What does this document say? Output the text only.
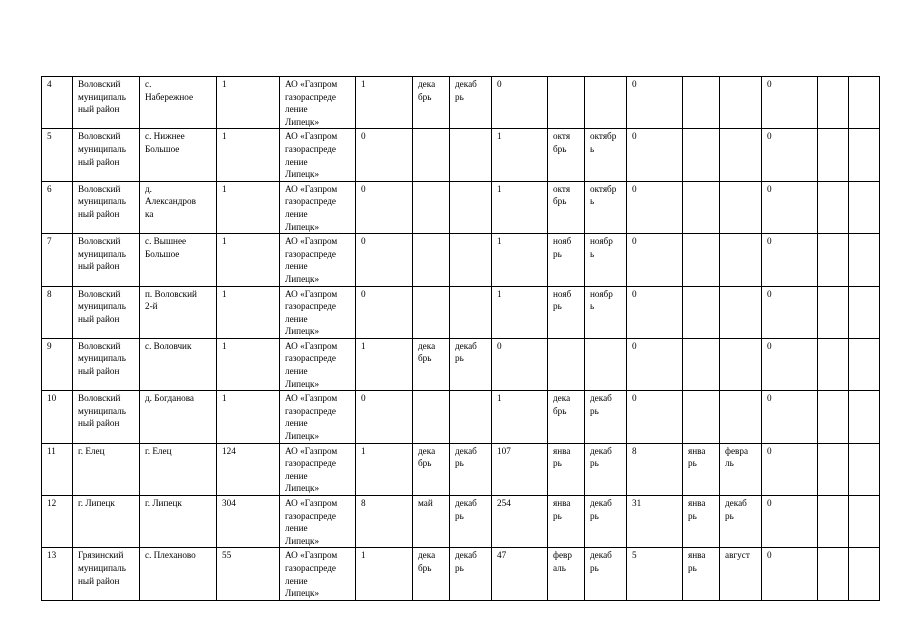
4	Воловский
муниципаль
ный район	с.
Набережное	1	АО «Газпром
газораспреде
ление
Липецк»	1	дека
брь	декаб
рь	0			0			0		

5	Воловский
муниципаль
ный район	с. Нижнее
Большое	1	АО «Газпром
газораспреде
ление
Липецк»	0			1	октя
брь	октябр
ь	0			0		

6	Воловский
муниципаль
ный район	д.
Александров
ка	1	АО «Газпром
газораспреде
ление
Липецк»	0			1	октя
брь	октябр
ь	0			0		

7	Воловский
муниципаль
ный район	с. Вышнее
Большое	1	АО «Газпром
газораспреде
ление
Липецк»	0			1	нояб
рь	ноябр
ь	0			0		

8	Воловский
муниципаль
ный район	п. Воловский
2-й	1	АО «Газпром
газораспреде
ление
Липецк»	0			1	нояб
рь	ноябр
ь	0			0		

9	Воловский
муниципаль
ный район	с. Воловчик	1	АО «Газпром
газораспреде
ление
Липецк»	1	дека
брь	декаб
рь	0			0			0		

10	Воловский
муниципаль
ный район	д. Богданова	1	АО «Газпром
газораспреде
ление
Липецк»	0			1	дека
брь	декаб
рь	0			0		

11	г. Елец	г. Елец	124	АО «Газпром
газораспреде
ление
Липецк»	1	дека
брь	декаб
рь	107	янва
рь	декаб
рь	8	янва
рь	февра
ль	0		

12	г. Липецк	г. Липецк	304	АО «Газпром
газораспреде
ление
Липецк»	8	май	декаб
рь	254	янва
рь	декаб
рь	31	янва
рь	декаб
рь	0		

13	Грязинский
муниципаль
ный район	с. Плеханово	55	АО «Газпром
газораспреде
ление
Липецк»	1	дека
брь	декаб
рь	47	февр
аль	декаб
рь	5	янва
рь	август	0		
